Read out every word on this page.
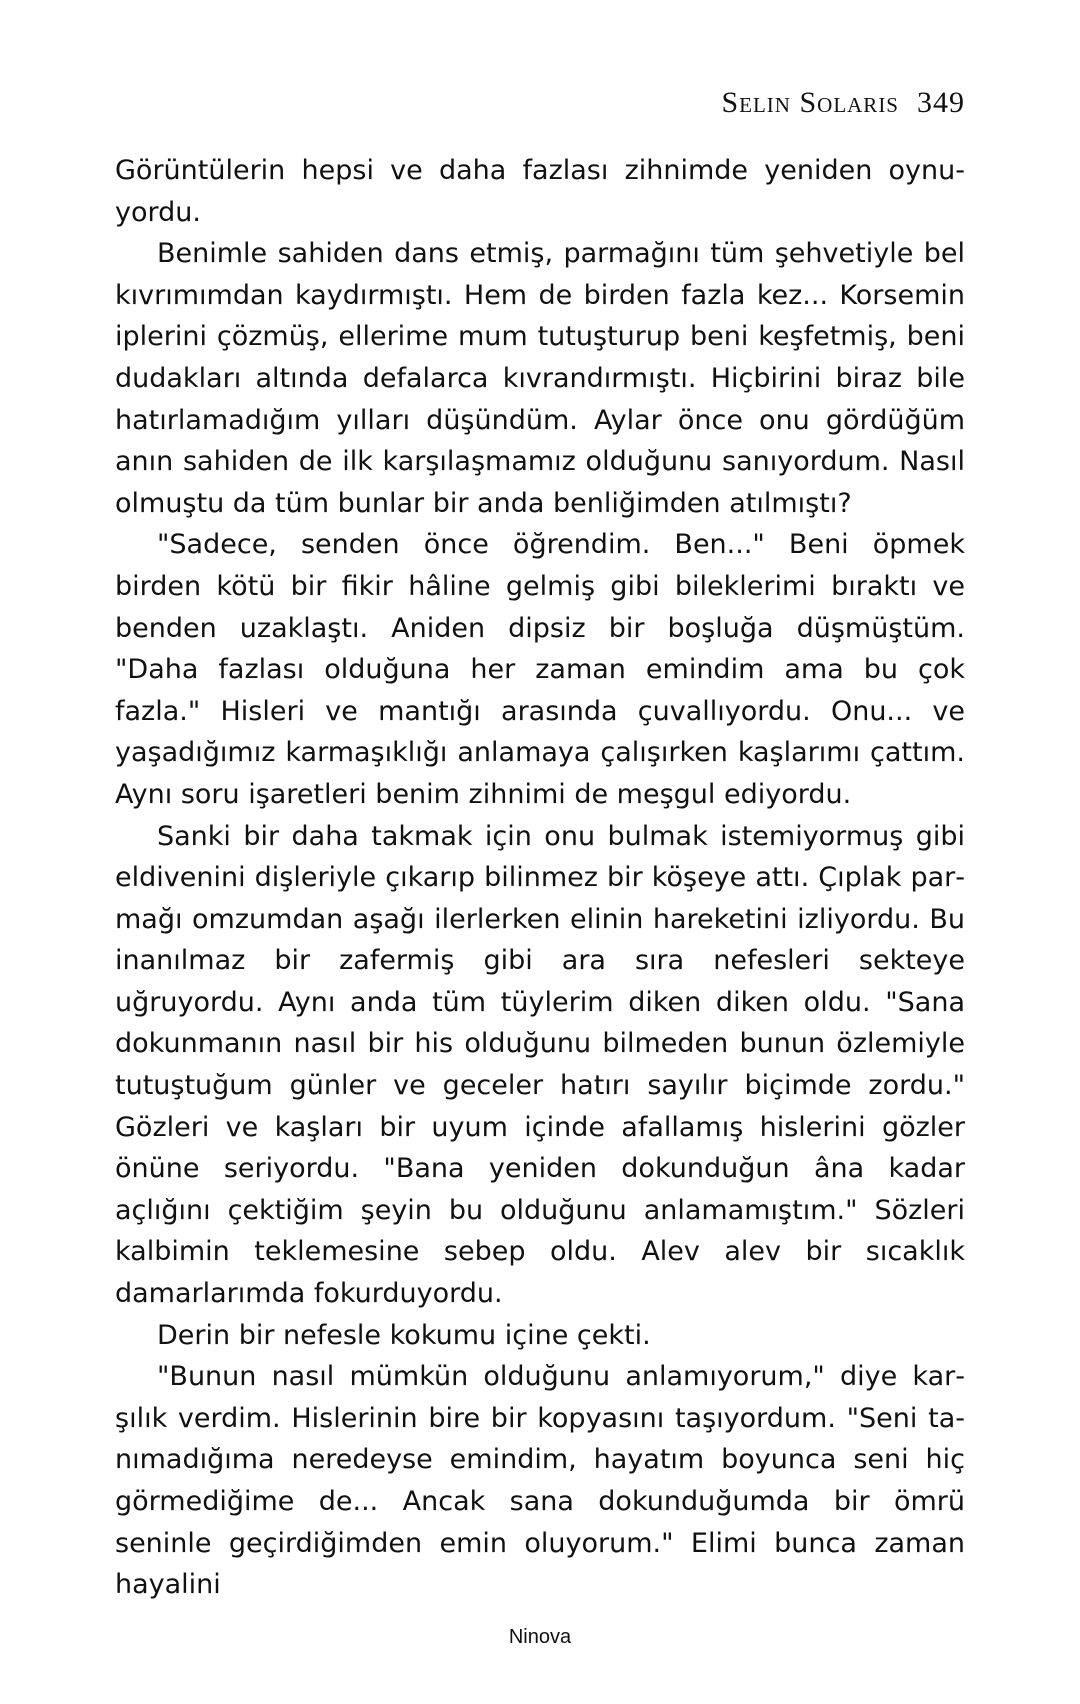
Selin Solaris 349

Görüntülerin hepsi ve daha fazlası zihnimde yeniden oynuyordu.

Benimle sahiden dans etmiş, parmağını tüm şehvetiyle bel kıvrımımdan kaydırmıştı. Hem de birden fazla kez... Korsemin iplerini çözmüş, ellerime mum tutuşturup beni keşfetmiş, beni dudakları altında defalarca kıvrandırmıştı. Hiçbirini biraz bile hatırlamadığım yılları düşündüm. Aylar önce onu gördüğüm anın sahiden de ilk karşılaşmamız olduğunu sanıyordum. Nasıl olmuştu da tüm bunlar bir anda benliğimden atılmıştı?

"Sadece, senden önce öğrendim. Ben..." Beni öpmek birden kötü bir fikir hâline gelmiş gibi bileklerimi bıraktı ve benden uzaklaştı. Aniden dipsiz bir boşluğa düşmüştüm. "Daha fazlası olduğuna her zaman emindim ama bu çok fazla." Hisleri ve mantığı arasında çuvallıyordu. Onu... ve yaşadığımız karmaşıklığı anlamaya çalışırken kaşlarımı çattım. Aynı soru işaretleri benim zihnimi de meşgul ediyordu.

Sanki bir daha takmak için onu bulmak istemiyormuş gibi eldivenini dişleriyle çıkarıp bilinmez bir köşeye attı. Çıplak parmağı omzumdan aşağı ilerlerken elinin hareketini izliyordu. Bu inanılmaz bir zafermiş gibi ara sıra nefesleri sekteye uğruyordu. Aynı anda tüm tüylerim diken diken oldu. "Sana dokunmanın nasıl bir his olduğunu bilmeden bunun özlemiyle tutuştuğum günler ve geceler hatırı sayılır biçimde zordu." Gözleri ve kaşları bir uyum içinde afallamış hislerini gözler önüne seriyordu. "Bana yeniden dokunduğun âna kadar açlığını çektiğim şeyin bu olduğunu anlamamıştım." Sözleri kalbimin teklemesine sebep oldu. Alev alev bir sıcaklık damarlarımda fokurduyordu.

Derin bir nefesle kokumu içine çekti.

"Bunun nasıl mümkün olduğunu anlamıyorum," diye karşılık verdim. Hislerinin bire bir kopyasını taşıyordum. "Seni tanımadığıma neredeyse emindim, hayatım boyunca seni hiç görmediğime de... Ancak sana dokunduğumda bir ömrü seninle geçirdiğimden emin oluyorum." Elimi bunca zaman hayalini

Ninova
